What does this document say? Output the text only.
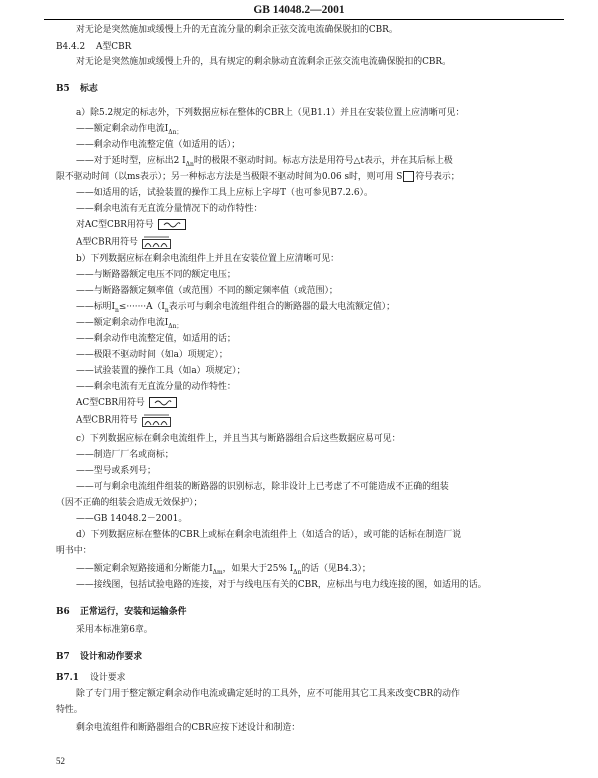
GB 14048.2—2001
对无论是突然施加或缓慢上升的无直流分量的剩余正弦交流电流确保脱扣的CBR。
B4.4.2 A型CBR
对无论是突然施加或缓慢上升的，具有规定的剩余脉动直流剩余正弦交流电流确保脱扣的CBR。
B5 标志
a）除5.2规定的标志外，下列数据应标在整体的CBR上（见B1.1）并且在安装位置上应清晰可见：
——额定剩余动作电流$I_{\Delta n;}$
——剩余动作电流整定值（如适用的话）；
——对于延时型，应标出2 $I_{\Delta n}$时的极限不驱动时间。标志方法是用符号△t表示，并在其后标上极
限不驱动时间（以ms表示）；另一种标志方法是当极限不驱动时间为0.06 s时，则可用 S 符号表示；
——如适用的话，试验装置的操作工具上应标上字母T（也可参见B7.2.6）。
——剩余电流有无直流分量情况下的动作特性：
对AC型CBR用符号
A型CBR用符号
b）下列数据应标在剩余电流组件上并且在安装位置上应清晰可见：
——与断路器额定电压不同的额定电压；
——与断路器额定频率值（或范围）不同的额定频率值（或范围）；
——标明$I_n\le\cdot\cdot\cdot\cdot\cdot\cdot\cdot A(I_n$表示可与剩余电流组件组合的断路器的最大电流额定值）；
——额定剩余动作电流$I_{\Delta n;}$
——剩余动作电流整定值，如适用的话；
——极限不驱动时间（如a）项规定）；
——试验装置的操作工具（如a）项规定）；
——剩余电流有无直流分量的动作特性：
AC型CBR用符号
A型CBR用符号
c）下列数据应标在剩余电流组件上，并且当其与断路器组合后这些数据应易可见：
——制造厂厂名或商标；
——型号或系列号；
——可与剩余电流组件组装的断路器的识别标志，除非设计上已考虑了不可能造成不正确的组装
（因不正确的组装会造成无效保护）；
——GB 14048.2－2001。
d）下列数据应标在整体的CBR上或标在剩余电流组件上（如适合的话），或可能的话标在制造厂说
明书中：
——额定剩余短路接通和分断能力$I_{\Delta m}$，如果大于25% $I_{\Delta n}$的话（见B4.3）；
——接线图，包括试验电路的连接，对于与线电压有关的CBR，应标出与电力线连接的图，如适用的话。
B6 正常运行，安装和运输条件
采用本标准第6章。
B7 设计和动作要求
B7.1 设计要求
除了专门用于整定额定剩余动作电流或确定延时的工具外，应不可能用其它工具来改变CBR的动作
特性。
剩余电流组件和断路器组合的CBR应按下述设计和制造：
52
